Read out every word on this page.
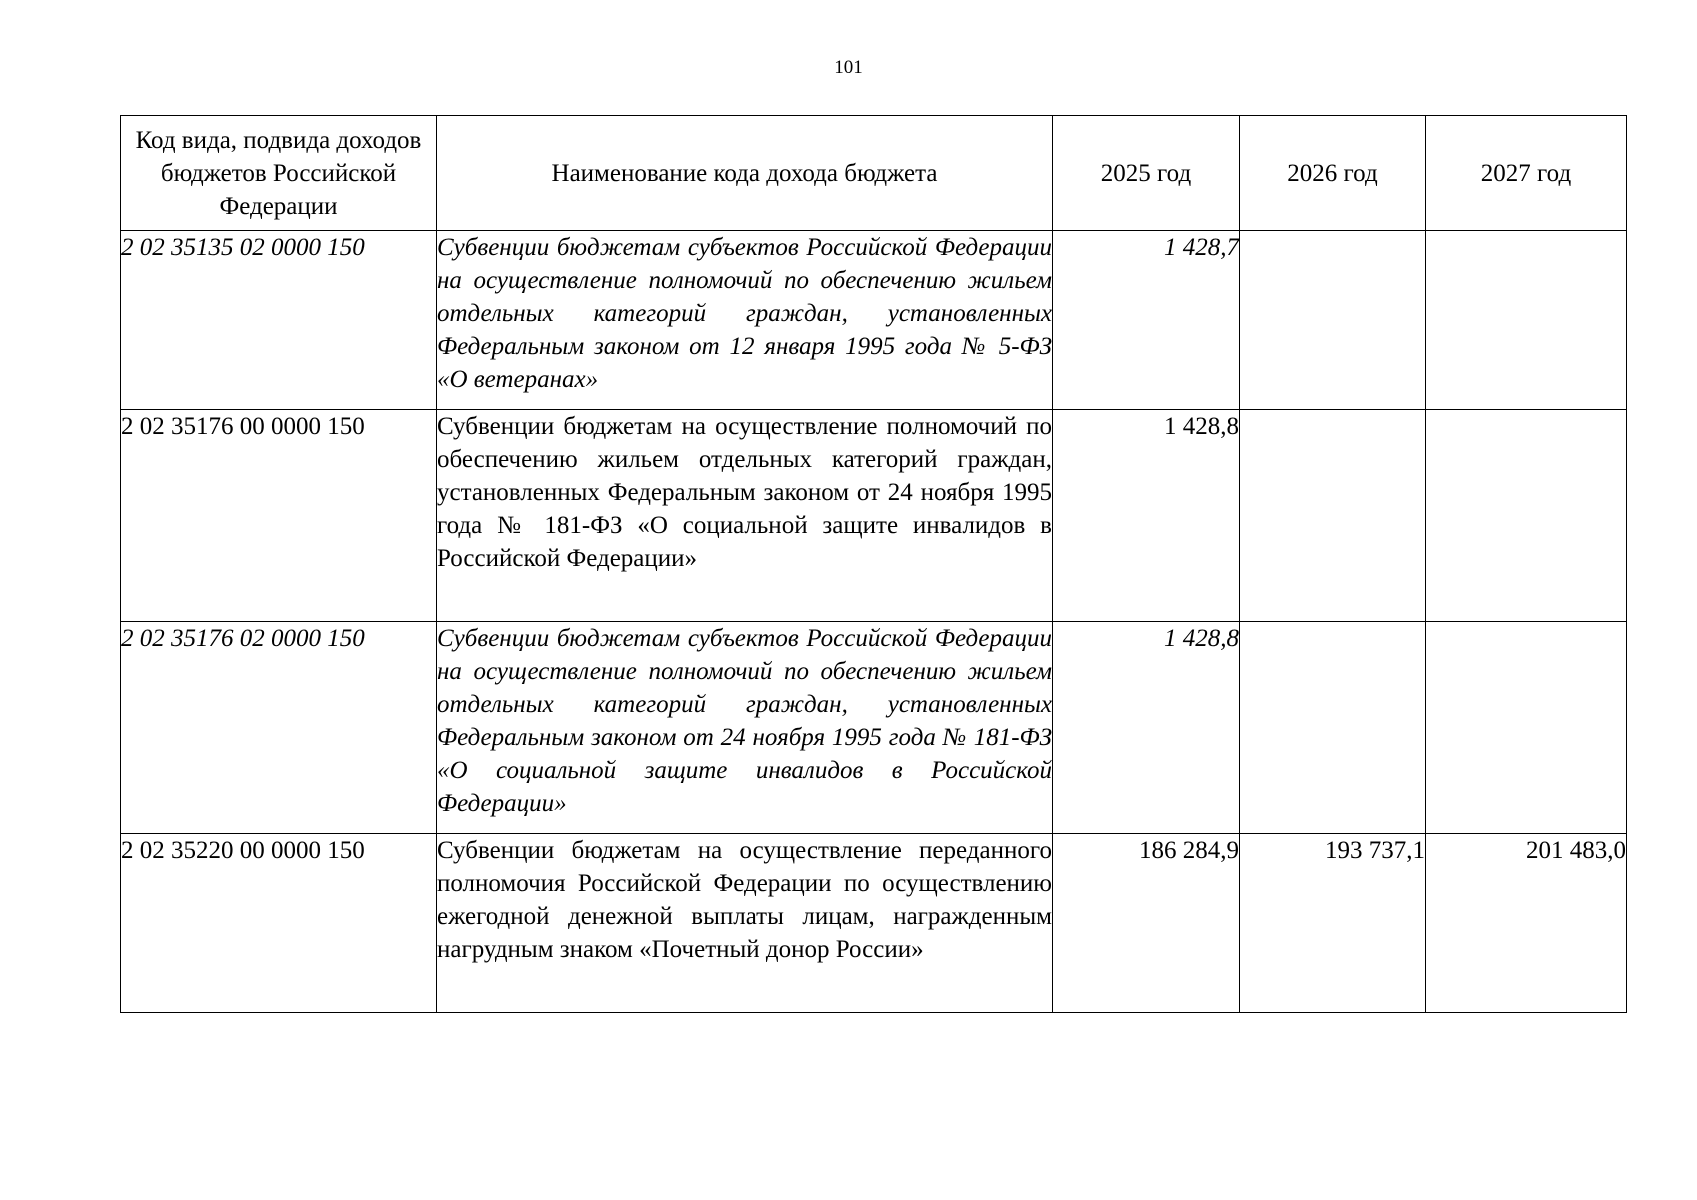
101
Код вида, подвида доходов бюджетов Российской Федерации	Наименование кода дохода бюджета	2025 год	2026 год	2027 год
2 02 35135 02 0000 150	Субвенции бюджетам субъектов Российской Федерации на осуществление полномочий по обеспечению жильем отдельных категорий граждан, установленных Федеральным законом от 12 января 1995 года № 5-ФЗ «О ветеранах»	1 428,7		
2 02 35176 00 0000 150	Субвенции бюджетам на осуществление полномочий по обеспечению жильем отдельных категорий граждан, установленных Федеральным законом от 24 ноября 1995 года № 181-ФЗ «О социальной защите инвалидов в Российской Федерации»	1 428,8		
2 02 35176 02 0000 150	Субвенции бюджетам субъектов Российской Федерации на осуществление полномочий по обеспечению жильем отдельных категорий граждан, установленных Федеральным законом от 24 ноября 1995 года № 181-ФЗ «О социальной защите инвалидов в Российской Федерации»	1 428,8		
2 02 35220 00 0000 150	Субвенции бюджетам на осуществление переданного полномочия Российской Федерации по осуществлению ежегодной денежной выплаты лицам, награжденным нагрудным знаком «Почетный донор России»	186 284,9	193 737,1	201 483,0
